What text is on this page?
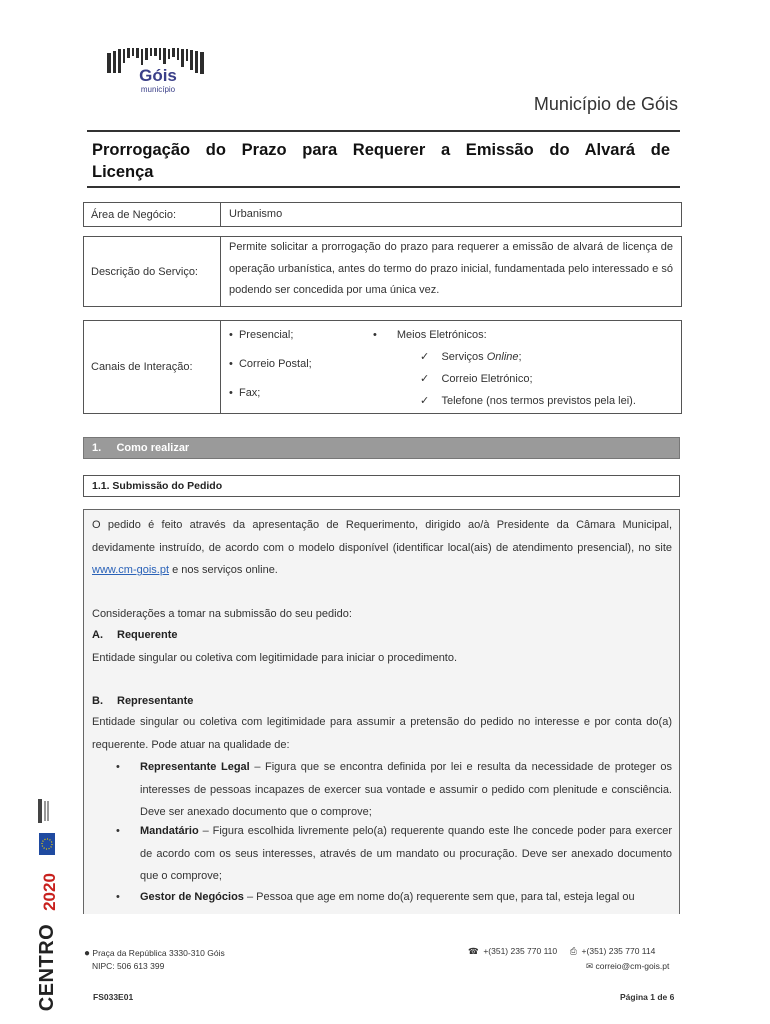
Góis
município
Município de Góis
Prorrogação do Prazo para Requerer a Emissão do Alvará de
Licença
Área de Negócio:	Urbanismo
Descrição do Serviço:
Permite solicitar a prorrogação do prazo para requerer a emissão de alvará de licença de operação urbanística, antes do termo do prazo inicial, fundamentada pelo interessado e só podendo ser concedida por uma única vez.
Canais de Interação:
•  Presencial;
•  Correio Postal;
•  Fax;
• Meios Eletrónicos:
✓ Serviços Online;
✓ Correio Eletrónico;
✓ Telefone (nos termos previstos pela lei).
1. Como realizar
1.1. Submissão do Pedido

O pedido é feito através da apresentação de Requerimento, dirigido ao/à Presidente da Câmara Municipal, devidamente instruído, de acordo com o modelo disponível (identificar local(ais) de atendimento presencial), no site www.cm-gois.pt e nos serviços online.

Considerações a tomar na submissão do seu pedido:

A. Requerente

Entidade singular ou coletiva com legitimidade para iniciar o procedimento.

B. Representante

Entidade singular ou coletiva com legitimidade para assumir a pretensão do pedido no interesse e por conta do(a) requerente. Pode atuar na qualidade de:

• Representante Legal – Figura que se encontra definida por lei e resulta da necessidade de proteger os interesses de pessoas incapazes de exercer sua vontade e assumir o pedido com plenitude e consciência. Deve ser anexado documento que o comprove;
• Mandatário – Figura escolhida livremente pelo(a) requerente quando este lhe concede poder para exercer de acordo com os seus interesses, através de um mandato ou procuração. Deve ser anexado documento que o comprove;
• Gestor de Negócios – Pessoa que age em nome do(a) requerente sem que, para tal, esteja legal ou
2020
CENTRO	● Praça da República 3330-310 Góis
NIPC: 506 613 399
☎ +(351) 235 770 110 ⎙ +(351) 235 770 114
✉ correio@cm-gois.pt
FS033E01	Página 1 de 6
